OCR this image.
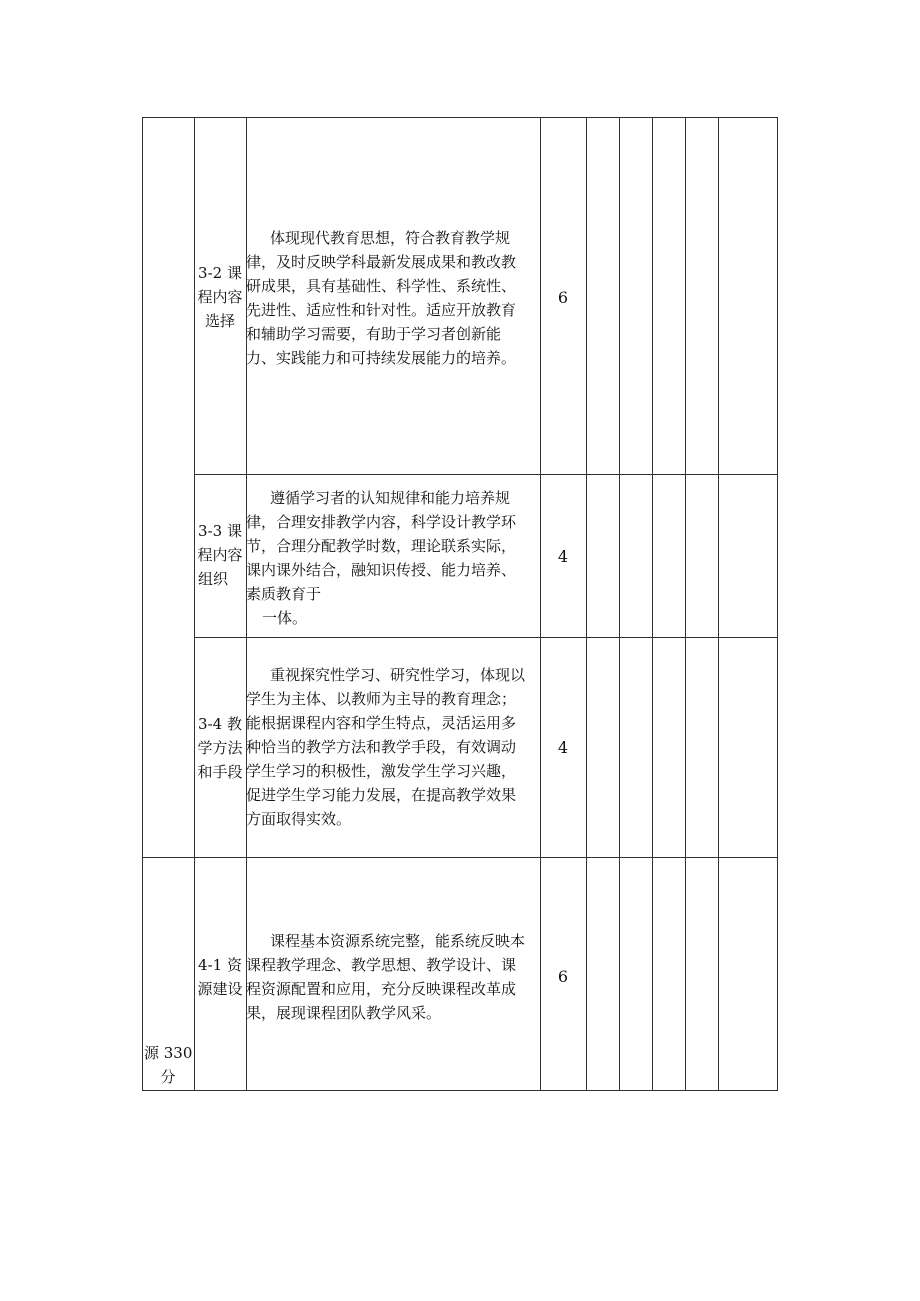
源 330
分
3-2 课
程内容
选择
体现现代教育思想，符合教育教学规
律，及时反映学科最新发展成果和教改教
研成果，具有基础性、科学性、系统性、
先进性、适应性和针对性。适应开放教育
和辅助学习需要，有助于学习者创新能
力、实践能力和可持续发展能力的培养。
6
3-3 课
程内容
组织
遵循学习者的认知规律和能力培养规
律，合理安排教学内容，科学设计教学环
节，合理分配教学时数，理论联系实际，
课内课外结合，融知识传授、能力培养、
素质教育于
一体。
4
3-4 教
学方法
和手段
重视探究性学习、研究性学习，体现以
学生为主体、以教师为主导的教育理念；
能根据课程内容和学生特点，灵活运用多
种恰当的教学方法和教学手段，有效调动
学生学习的积极性，激发学生学习兴趣，
促进学生学习能力发展，在提高教学效果
方面取得实效。
4
4-1 资
源建设
课程基本资源系统完整，能系统反映本
课程教学理念、教学思想、教学设计、课
程资源配置和应用，充分反映课程改革成
果，展现课程团队教学风采。
6
